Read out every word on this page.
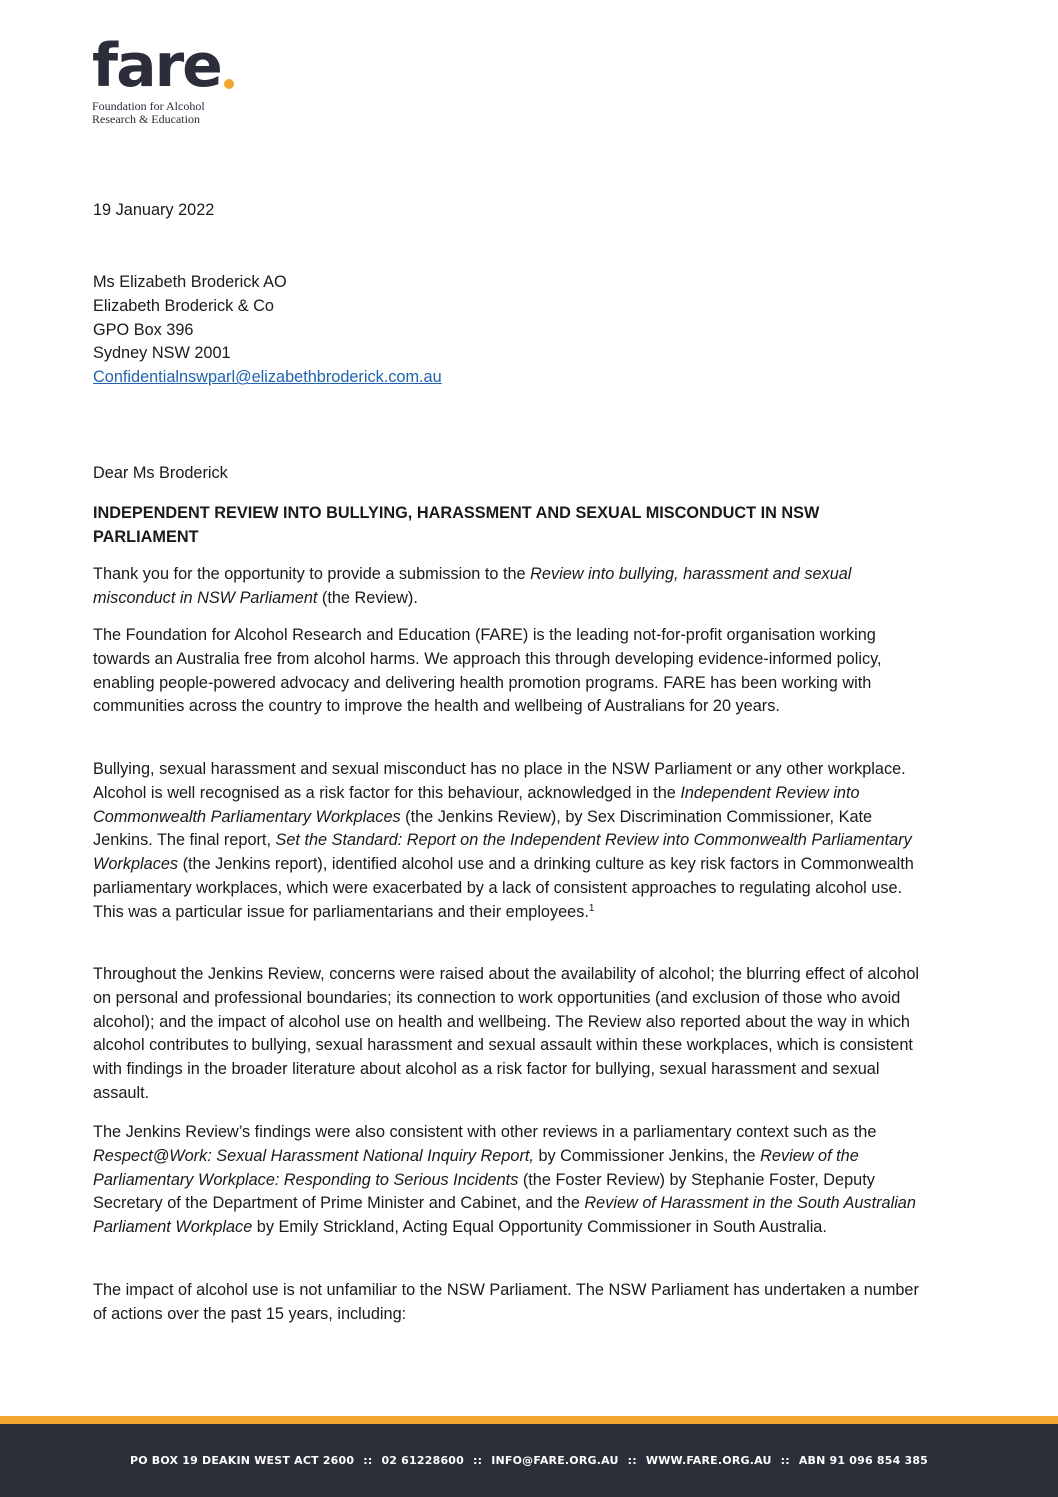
fare
Foundation for Alcohol
Research & Education
19 January 2022
Ms Elizabeth Broderick AO
Elizabeth Broderick & Co
GPO Box 396
Sydney NSW 2001
Confidentialnswparl@elizabethbroderick.com.au
Dear Ms Broderick
INDEPENDENT REVIEW INTO BULLYING, HARASSMENT AND SEXUAL MISCONDUCT IN NSW PARLIAMENT

Thank you for the opportunity to provide a submission to the Review into bullying, harassment and sexual misconduct in NSW Parliament (the Review).

The Foundation for Alcohol Research and Education (FARE) is the leading not-for-profit organisation working towards an Australia free from alcohol harms. We approach this through developing evidence-informed policy, enabling people-powered advocacy and delivering health promotion programs. FARE has been working with communities across the country to improve the health and wellbeing of Australians for 20 years.

Bullying, sexual harassment and sexual misconduct has no place in the NSW Parliament or any other workplace. Alcohol is well recognised as a risk factor for this behaviour, acknowledged in the Independent Review into Commonwealth Parliamentary Workplaces (the Jenkins Review), by Sex Discrimination Commissioner, Kate Jenkins. The final report, Set the Standard: Report on the Independent Review into Commonwealth Parliamentary Workplaces (the Jenkins report), identified alcohol use and a drinking culture as key risk factors in Commonwealth parliamentary workplaces, which were exacerbated by a lack of consistent approaches to regulating alcohol use. This was a particular issue for parliamentarians and their employees.$^1$

Throughout the Jenkins Review, concerns were raised about the availability of alcohol; the blurring effect of alcohol on personal and professional boundaries; its connection to work opportunities (and exclusion of those who avoid alcohol); and the impact of alcohol use on health and wellbeing. The Review also reported about the way in which alcohol contributes to bullying, sexual harassment and sexual assault within these workplaces, which is consistent with findings in the broader literature about alcohol as a risk factor for bullying, sexual harassment and sexual assault.

The Jenkins Review’s findings were also consistent with other reviews in a parliamentary context such as the Respect@Work: Sexual Harassment National Inquiry Report, by Commissioner Jenkins, the Review of the Parliamentary Workplace: Responding to Serious Incidents (the Foster Review) by Stephanie Foster, Deputy Secretary of the Department of Prime Minister and Cabinet, and the Review of Harassment in the South Australian Parliament Workplace by Emily Strickland, Acting Equal Opportunity Commissioner in South Australia.

The impact of alcohol use is not unfamiliar to the NSW Parliament. The NSW Parliament has undertaken a number of actions over the past 15 years, including:

PO BOX 19 DEAKIN WEST ACT 2600 :: 02 61228600 :: INFO@FARE.ORG.AU :: WWW.FARE.ORG.AU :: ABN 91 096 854 385
